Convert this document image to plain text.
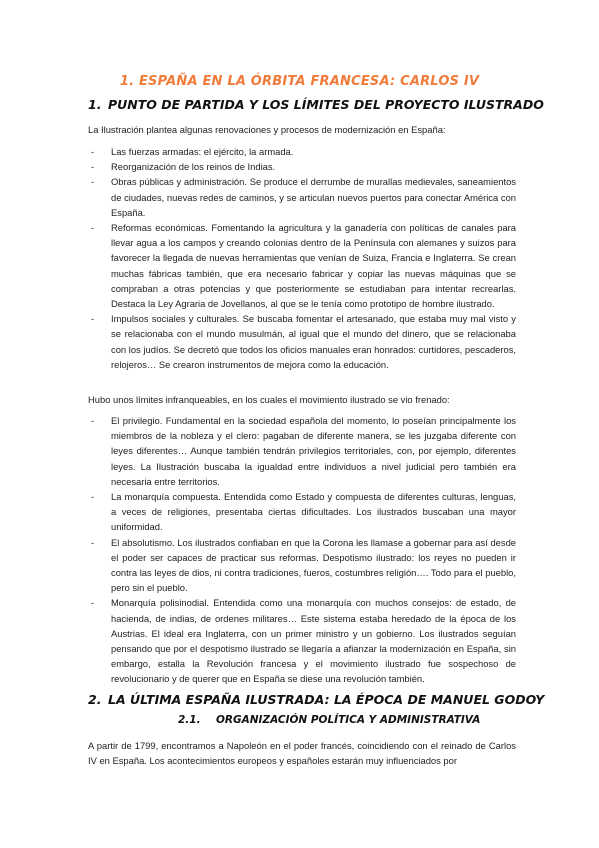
1. ESPAÑA EN LA ÓRBITA FRANCESA: CARLOS IV
1. PUNTO DE PARTIDA Y LOS LÍMITES DEL PROYECTO ILUSTRADO

La Ilustración plantea algunas renovaciones y procesos de modernización en España:

- Las fuerzas armadas: el ejército, la armada.
- Reorganización de los reinos de Indias.
- Obras públicas y administración. Se produce el derrumbe de murallas medievales, saneamientos de ciudades, nuevas redes de caminos, y se articulan nuevos puertos para conectar América con España.
- Reformas económicas. Fomentando la agricultura y la ganadería con políticas de canales para llevar agua a los campos y creando colonias dentro de la Península con alemanes y suizos para favorecer la llegada de nuevas herramientas que venían de Suiza, Francia e Inglaterra. Se crean muchas fábricas también, que era necesario fabricar y copiar las nuevas máquinas que se compraban a otras potencias y que posteriormente se estudiaban para intentar recrearlas. Destaca la Ley Agraria de Jovellanos, al que se le tenía como prototipo de hombre ilustrado.
- Impulsos sociales y culturales. Se buscaba fomentar el artesanado, que estaba muy mal visto y se relacionaba con el mundo musulmán, al igual que el mundo del dinero, que se relacionaba con los judíos. Se decretó que todos los oficios manuales eran honrados: curtidores, pescaderos, relojeros… Se crearon instrumentos de mejora como la educación.

Hubo unos límites infranqueables, en los cuales el movimiento ilustrado se vio frenado:

- El privilegio. Fundamental en la sociedad española del momento, lo poseían principalmente los miembros de la nobleza y el clero: pagaban de diferente manera, se les juzgaba diferente con leyes diferentes… Aunque también tendrán privilegios territoriales, con, por ejemplo, diferentes leyes. La Ilustración buscaba la igualdad entre individuos a nivel judicial pero también era necesaria entre territorios.
- La monarquía compuesta. Entendida como Estado y compuesta de diferentes culturas, lenguas, a veces de religiones, presentaba ciertas dificultades. Los ilustrados buscaban una mayor uniformidad.
- El absolutismo. Los ilustrados confiaban en que la Corona les llamase a gobernar para así desde el poder ser capaces de practicar sus reformas. Despotismo ilustrado: los reyes no pueden ir contra las leyes de dios, ni contra tradiciones, fueros, costumbres religión…. Todo para el pueblo, pero sin el pueblo.
- Monarquía polisinodial. Entendida como una monarquía con muchos consejos: de estado, de hacienda, de indias, de ordenes militares… Este sistema estaba heredado de la época de los Austrias. El ideal era Inglaterra, con un primer ministro y un gobierno. Los ilustrados seguían pensando que por el despotismo ilustrado se llegaría a afianzar la modernización en España, sin embargo, estalla la Revolución francesa y el movimiento ilustrado fue sospechoso de revolucionario y de querer que en España se diese una revolución también.
2. LA ÚLTIMA ESPAÑA ILUSTRADA: LA ÉPOCA DE MANUEL GODOY
2.1. ORGANIZACIÓN POLÍTICA Y ADMINISTRATIVA

A partir de 1799, encontramos a Napoleón en el poder francés, coincidiendo con el reinado de Carlos IV en España. Los acontecimientos europeos y españoles estarán muy influenciados por
